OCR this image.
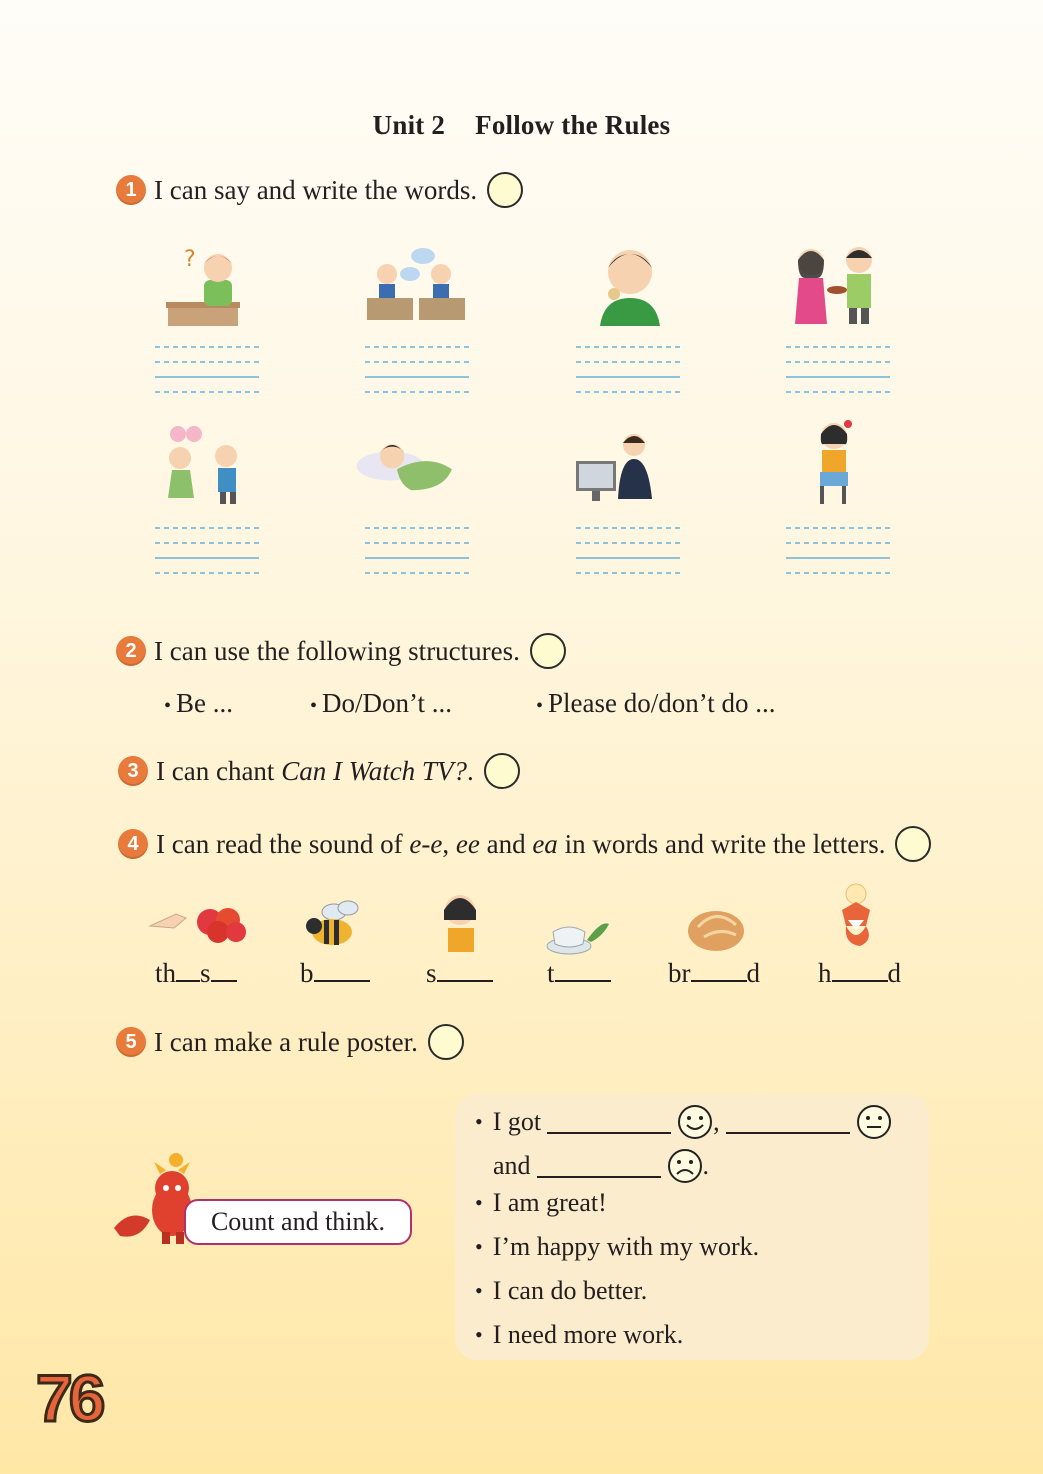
Unit 2 Follow the Rules
1 I can say and write the words.
?
2 I can use the following structures.
• Be ...	• Do/Don’t ...	• Please do/don’t do ...
3 I can chant Can I Watch TV?.
4 I can read the sound of e-e, ee and ea in words and write the letters.
th s	b	s	t	br d h d
5 I can make a rule poster.
Count and think.
• I got	,
and	.
• I am great!
• I’m happy with my work.
• I can do better.
• I need more work.
76
